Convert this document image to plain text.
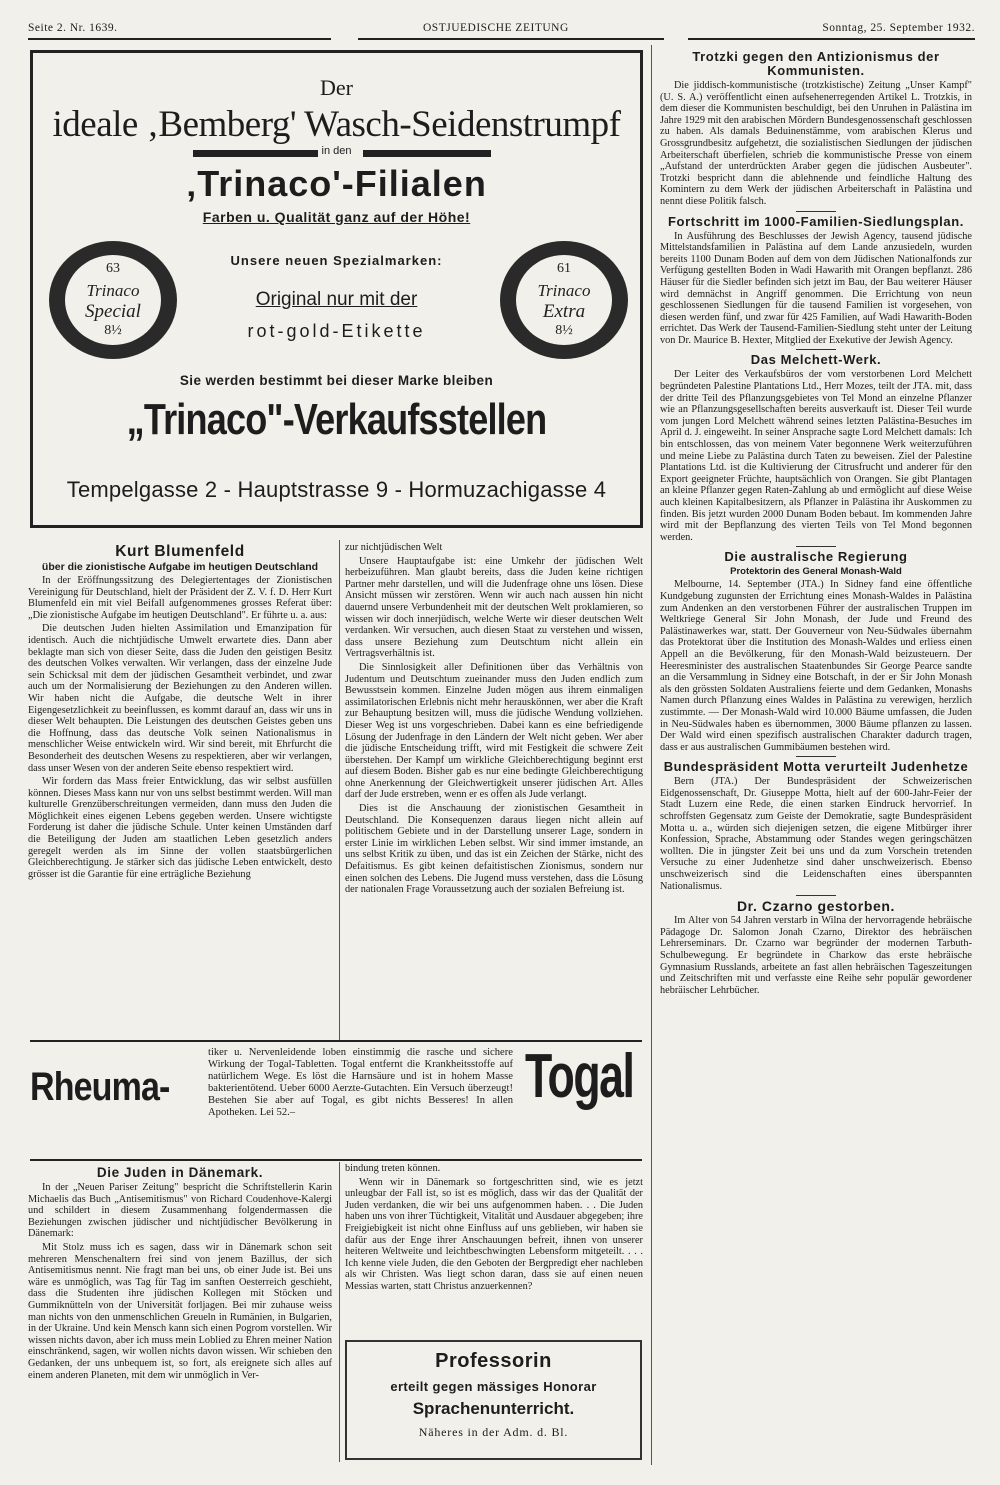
Seite 2. Nr. 1639.	OSTJUEDISCHE ZEITUNG	Sonntag, 25. September 1932.
Der
ideale ‚Bemberg' Wasch-Seidenstrumpf
in den
‚Trinaco'-Filialen
Farben u. Qualität ganz auf der Höhe!
Unsere neuen Spezialmarken:
63
Trinaco
Special
8½
61
Trinaco
Extra
8½
Original nur mit der
rot-gold-Etikette
Sie werden bestimmt bei dieser Marke bleiben
„Trinaco"-Verkaufsstellen
Tempelgasse 2 - Hauptstrasse 9 - Hormuzachigasse 4
Kurt Blumenfeld
über die zionistische Aufgabe im heutigen Deutschland

In der Eröffnungssitzung des Delegiertentages der Zionistischen Vereinigung für Deutschland, hielt der Präsident der Z. V. f. D. Herr Kurt Blumenfeld ein mit viel Beifall aufgenommenes grosses Referat über: „Die zionistische Aufgabe im heutigen Deutschland". Er führte u. a. aus:

Die deutschen Juden hielten Assimilation und Emanzipation für identisch. Auch die nichtjüdische Umwelt erwartete dies. Dann aber beklagte man sich von dieser Seite, dass die Juden den geistigen Besitz des deutschen Volkes verwalten. Wir verlangen, dass der einzelne Jude sein Schicksal mit dem der jüdischen Gesamtheit verbindet, und zwar auch um der Normalisierung der Beziehungen zu den Anderen willen. Wir haben nicht die Aufgabe, die deutsche Welt in ihrer Eigengesetzlichkeit zu beeinflussen, es kommt darauf an, dass wir uns in dieser Welt behaupten. Die Leistungen des deutschen Geistes geben uns die Hoffnung, dass das deutsche Volk seinen Nationalismus in menschlicher Weise entwickeln wird. Wir sind bereit, mit Ehrfurcht die Besonderheit des deutschen Wesens zu respektieren, aber wir verlangen, dass unser Wesen von der anderen Seite ebenso respektiert wird.

Wir fordern das Mass freier Entwicklung, das wir selbst ausfüllen können. Dieses Mass kann nur von uns selbst bestimmt werden. Will man kulturelle Grenzüberschreitungen vermeiden, dann muss den Juden die Möglichkeit eines eigenen Lebens gegeben werden. Unsere wichtigste Forderung ist daher die jüdische Schule. Unter keinen Umständen darf die Beteiligung der Juden am staatlichen Leben gesetzlich anders geregelt werden als im Sinne der vollen staatsbürgerlichen Gleichberechtigung. Je stärker sich das jüdische Leben entwickelt, desto grösser ist die Garantie für eine erträgliche Beziehung

zur nichtjüdischen Welt

Unsere Hauptaufgabe ist: eine Umkehr der jüdischen Welt herbeizuführen. Man glaubt bereits, dass die Juden keine richtigen Partner mehr darstellen, und will die Judenfrage ohne uns lösen. Diese Ansicht müssen wir zerstören. Wenn wir auch nach aussen hin nicht dauernd unsere Verbundenheit mit der deutschen Welt proklamieren, so wissen wir doch innerjüdisch, welche Werte wir dieser deutschen Welt verdanken. Wir versuchen, auch diesen Staat zu verstehen und wissen, dass unsere Beziehung zum Deutschtum nicht allein ein Vertragsverhältnis ist.

Die Sinnlosigkeit aller Definitionen über das Verhältnis von Judentum und Deutschtum zueinander muss den Juden endlich zum Bewusstsein kommen. Einzelne Juden mögen aus ihrem einmaligen assimilatorischen Erlebnis nicht mehr herauskönnen, wer aber die Kraft zur Behauptung besitzen will, muss die jüdische Wendung vollziehen. Dieser Weg ist uns vorgeschrieben. Dabei kann es eine befriedigende Lösung der Judenfrage in den Ländern der Welt nicht geben. Wer aber die jüdische Entscheidung trifft, wird mit Festigkeit die schwere Zeit überstehen. Der Kampf um wirkliche Gleichberechtigung beginnt erst auf diesem Boden. Bisher gab es nur eine bedingte Gleichberechtigung ohne Anerkennung der Gleichwertigkeit unserer jüdischen Art. Alles darf der Jude erstreben, wenn er es offen als Jude verlangt.

Dies ist die Anschauung der zionistischen Gesamtheit in Deutschland. Die Konsequenzen daraus liegen nicht allein auf politischem Gebiete und in der Darstellung unserer Lage, sondern in erster Linie im wirklichen Leben selbst. Wir sind immer imstande, an uns selbst Kritik zu üben, und das ist ein Zeichen der Stärke, nicht des Defaitismus. Es gibt keinen defaitistischen Zionismus, sondern nur einen solchen des Lebens. Die Jugend muss verstehen, dass die Lösung der nationalen Frage Voraussetzung auch der sozialen Befreiung ist.

Rheuma-
tiker u. Nervenleidende loben einstimmig die rasche und sichere Wirkung der Togal-Tabletten. Togal entfernt die Krankheitsstoffe auf natürlichem Wege. Es löst die Harnsäure und ist in hohem Masse bakterientötend. Ueber 6000 Aerzte-Gutachten. Ein Versuch überzeugt! Bestehen Sie aber auf Togal, es gibt nichts Besseres! In allen Apotheken. Lei 52.–
Togal
Die Juden in Dänemark.

In der „Neuen Pariser Zeitung" bespricht die Schriftstellerin Karin Michaelis das Buch „Antisemitismus" von Richard Coudenhove-Kalergi und schildert in diesem Zusammenhang folgendermassen die Beziehungen zwischen jüdischer und nichtjüdischer Bevölkerung in Dänemark:

Mit Stolz muss ich es sagen, dass wir in Dänemark schon seit mehreren Menschenaltern frei sind von jenem Bazillus, der sich Antisemitismus nennt. Nie fragt man bei uns, ob einer Jude ist. Bei uns wäre es unmöglich, was Tag für Tag im sanften Oesterreich geschieht, dass die Studenten ihre jüdischen Kollegen mit Stöcken und Gummiknütteln von der Universität forljagen. Bei mir zuhause weiss man nichts von den unmenschlichen Greueln in Rumänien, in Bulgarien, in der Ukraine. Und kein Mensch kann sich einen Pogrom vorstellen. Wir wissen nichts davon, aber ich muss mein Loblied zu Ehren meiner Nation einschränkend, sagen, wir wollen nichts davon wissen. Wir schieben den Gedanken, der uns unbequem ist, so fort, als ereignete sich alles auf einem anderen Planeten, mit dem wir unmöglich in Ver-

bindung treten können.

Wenn wir in Dänemark so fortgeschritten sind, wie es jetzt unleugbar der Fall ist, so ist es möglich, dass wir das der Qualität der Juden verdanken, die wir bei uns aufgenommen haben. . . Die Juden haben uns von ihrer Tüchtigkeit, Vitalität und Ausdauer abgegeben; ihre Freigiebigkeit ist nicht ohne Einfluss auf uns geblieben, wir haben sie dafür aus der Enge ihrer Anschauungen befreit, ihnen von unserer heiteren Weltweite und leichtbeschwingten Lebensform mitgeteilt. . . . Ich kenne viele Juden, die den Geboten der Bergpredigt eher nachleben als wir Christen. Was liegt schon daran, dass sie auf einen neuen Messias warten, statt Christus anzuerkennen?

Professorin
erteilt gegen mässiges Honorar
Sprachenunterricht.
Näheres in der Adm. d. Bl.
Trotzki gegen den Antizionismus der Kommunisten.

Die jiddisch-kommunistische (trotzkistische) Zeitung „Unser Kampf" (U. S. A.) veröffentlicht einen aufsehenerregenden Artikel L. Trotzkis, in dem dieser die Kommunisten beschuldigt, bei den Unruhen in Palästina im Jahre 1929 mit den arabischen Mördern Bundesgenossenschaft geschlossen zu haben. Als damals Beduinenstämme, vom arabischen Klerus und Grossgrundbesitz aufgehetzt, die sozialistischen Siedlungen der jüdischen Arbeiterschaft überfielen, schrieb die kommunistische Presse von einem „Aufstand der unterdrückten Araber gegen die jüdischen Ausbeuter". Trotzki bespricht dann die ablehnende und feindliche Haltung des Komintern zu dem Werk der jüdischen Arbeiterschaft in Palästina und nennt diese Politik falsch.

Fortschritt im 1000-Familien-Siedlungsplan.

In Ausführung des Beschlusses der Jewish Agency, tausend jüdische Mittelstandsfamilien in Palästina auf dem Lande anzusiedeln, wurden bereits 1100 Dunam Boden auf dem von dem Jüdischen Nationalfonds zur Verfügung gestellten Boden in Wadi Hawarith mit Orangen bepflanzt. 286 Häuser für die Siedler befinden sich jetzt im Bau, der Bau weiterer Häuser wird demnächst in Angriff genommen. Die Errichtung von neun geschlossenen Siedlungen für die tausend Familien ist vorgesehen, von diesen werden fünf, und zwar für 425 Familien, auf Wadi Hawarith-Boden errichtet. Das Werk der Tausend-Familien-Siedlung steht unter der Leitung von Dr. Maurice B. Hexter, Mitglied der Exekutive der Jewish Agency.

Das Melchett-Werk.

Der Leiter des Verkaufsbüros der vom verstorbenen Lord Melchett begründeten Palestine Plantations Ltd., Herr Mozes, teilt der JTA. mit, dass der dritte Teil des Pflanzungsgebietes von Tel Mond an einzelne Pflanzer wie an Pflanzungsgesellschaften bereits ausverkauft ist. Dieser Teil wurde vom jungen Lord Melchett während seines letzten Palästina-Besuches im April d. J. eingeweiht. In seiner Ansprache sagte Lord Melchett damals: Ich bin entschlossen, das von meinem Vater begonnene Werk weiterzuführen und meine Liebe zu Palästina durch Taten zu beweisen. Ziel der Palestine Plantations Ltd. ist die Kultivierung der Citrusfrucht und anderer für den Export geeigneter Früchte, hauptsächlich von Orangen. Sie gibt Plantagen an kleine Pflanzer gegen Raten-Zahlung ab und ermöglicht auf diese Weise auch kleinen Kapitalbesitzern, als Pflanzer in Palästina ihr Auskommen zu finden. Bis jetzt wurden 2000 Dunam Boden bebaut. Im kommenden Jahre wird mit der Bepflanzung des vierten Teils von Tel Mond begonnen werden.

Die australische Regierung
Protektorin des General Monash-Wald

Melbourne, 14. September (JTA.) In Sidney fand eine öffentliche Kundgebung zugunsten der Errichtung eines Monash-Waldes in Palästina zum Andenken an den verstorbenen Führer der australischen Truppen im Weltkriege General Sir John Monash, der Jude und Freund des Palästinawerkes war, statt. Der Gouverneur von Neu-Südwales übernahm das Protektorat über die Institution des Monash-Waldes und erliess einen Appell an die Bevölkerung, für den Monash-Wald beizusteuern. Der Heeresminister des australischen Staatenbundes Sir George Pearce sandte an die Versammlung in Sidney eine Botschaft, in der er Sir John Monash als den grössten Soldaten Australiens feierte und dem Gedanken, Monashs Namen durch Pflanzung eines Waldes in Palästina zu verewigen, herzlich zustimmte. — Der Monash-Wald wird 10.000 Bäume umfassen, die Juden in Neu-Südwales haben es übernommen, 3000 Bäume pflanzen zu lassen. Der Wald wird einen spezifisch australischen Charakter dadurch tragen, dass er aus australischen Gummibäumen bestehen wird.

Bundespräsident Motta verurteilt Judenhetze

Bern (JTA.) Der Bundespräsident der Schweizerischen Eidgenossenschaft, Dr. Giuseppe Motta, hielt auf der 600-Jahr-Feier der Stadt Luzern eine Rede, die einen starken Eindruck hervorrief. In schroffsten Gegensatz zum Geiste der Demokratie, sagte Bundespräsident Motta u. a., würden sich diejenigen setzen, die eigene Mitbürger ihrer Konfession, Sprache, Abstammung oder Standes wegen geringschätzen wollten. Die in jüngster Zeit bei uns und da zum Vorschein tretenden Versuche zu einer Judenhetze sind daher unschweizerisch. Ebenso unschweizerisch sind die Leidenschaften eines überspannten Nationalismus.

Dr. Czarno gestorben.

Im Alter von 54 Jahren verstarb in Wilna der hervorragende hebräische Pädagoge Dr. Salomon Jonah Czarno, Direktor des hebräischen Lehrerseminars. Dr. Czarno war begründer der modernen Tarbuth-Schulbewegung. Er begründete in Charkow das erste hebräische Gymnasium Russlands, arbeitete an fast allen hebräischen Tageszeitungen und Zeitschriften mit und verfasste eine Reihe sehr populär gewordener hebräischer Lehrbücher.
